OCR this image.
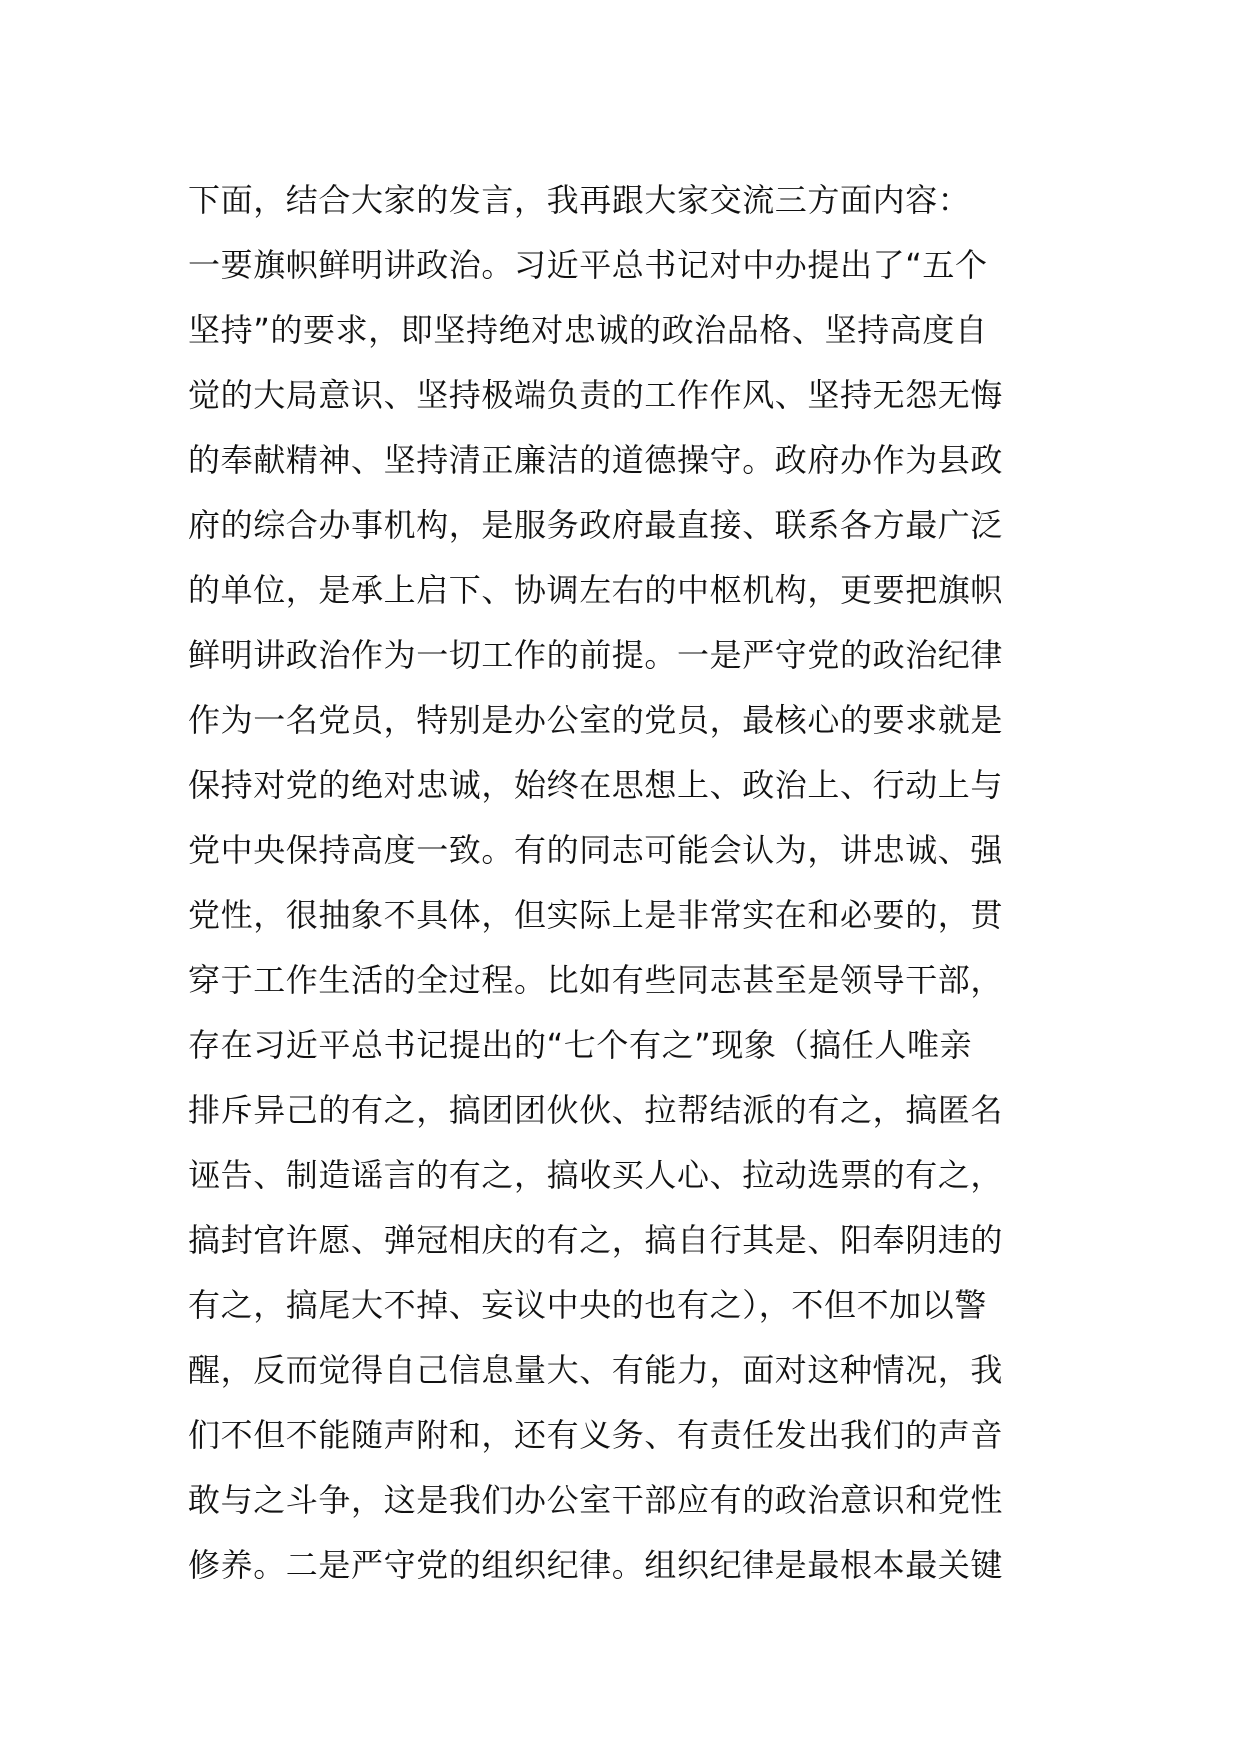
下面，结合大家的发言，我再跟大家交流三方面内容：
一要旗帜鲜明讲政治。习近平总书记对中办提出了“五个
坚持”的要求，即坚持绝对忠诚的政治品格、坚持高度自
觉的大局意识、坚持极端负责的工作作风、坚持无怨无悔
的奉献精神、坚持清正廉洁的道德操守。政府办作为县政
府的综合办事机构，是服务政府最直接、联系各方最广泛
的单位，是承上启下、协调左右的中枢机构，更要把旗帜
鲜明讲政治作为一切工作的前提。一是严守党的政治纪律
作为一名党员，特别是办公室的党员，最核心的要求就是
保持对党的绝对忠诚，始终在思想上、政治上、行动上与
党中央保持高度一致。有的同志可能会认为，讲忠诚、强
党性，很抽象不具体，但实际上是非常实在和必要的，贯
穿于工作生活的全过程。比如有些同志甚至是领导干部，
存在习近平总书记提出的“七个有之”现象（搞任人唯亲
排斥异己的有之，搞团团伙伙、拉帮结派的有之，搞匿名
诬告、制造谣言的有之，搞收买人心、拉动选票的有之，
搞封官许愿、弹冠相庆的有之，搞自行其是、阳奉阴违的
有之，搞尾大不掉、妄议中央的也有之），不但不加以警
醒，反而觉得自己信息量大、有能力，面对这种情况，我
们不但不能随声附和，还有义务、有责任发出我们的声音
敢与之斗争，这是我们办公室干部应有的政治意识和党性
修养。二是严守党的组织纪律。组织纪律是最根本最关键
